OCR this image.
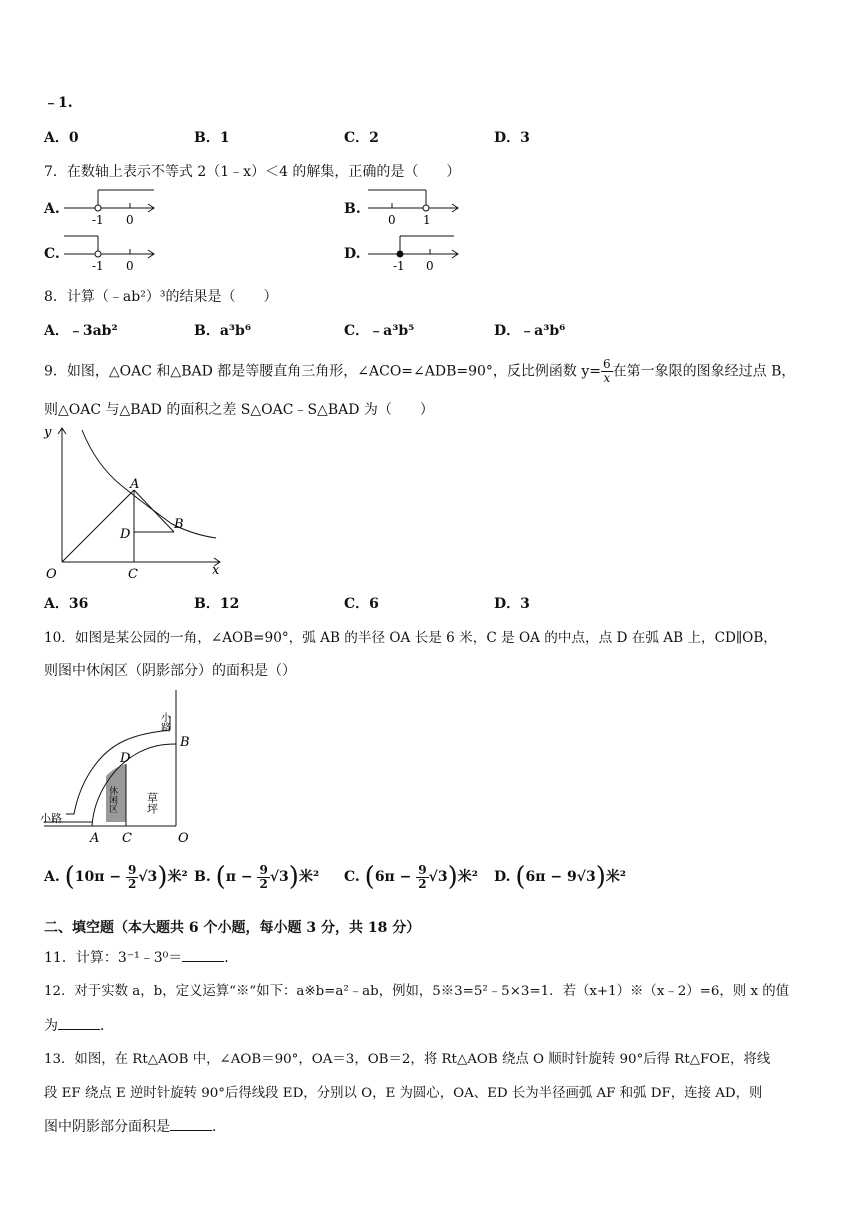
﹣1.
A．0	B．1	C．2	D．3
7．在数轴上表示不等式 2（1﹣x）＜4 的解集，正确的是（　　）
A.
-1 0
B.
0 1
C.
-1 0
D.
-1 0
8．计算（﹣ab²）³的结果是（　　）
A．﹣3ab²	B．a³b⁶	C．﹣a³b⁵	D．﹣a³b⁶
9．如图，△OAC 和△BAD 都是等腰直角三角形，∠ACO=∠ADB=90°，反比例函数 $y= \frac{6}{x}$ 在第一象限的图象经过点 B，
则△OAC 与△BAD 的面积之差 S△OAC﹣S△BAD 为（　　）
y
x
O
A
B
D
C
A．36	B．12	C．6	D．3
10．如图是某公园的一角，∠AOB=90°，弧 AB 的半径 OA 长是 6 米，C 是 OA 的中点，点 D 在弧 AB 上，CD∥OB，
则图中休闲区（阴影部分）的面积是（）
小路
小路
休闲区	草坪
A C	O
B
D
A. $(10\pi - \frac{9}{2} √3)$米² B. $(\pi - \frac{9}{2} √3)$米² C. $(6\pi - \frac{9}{2} √3)$米² D. (6π − 9√3)米²
二、填空题（本大题共 6 个小题，每小题 3 分，共 18 分）
11．计算：3⁻¹﹣3⁰＝	．
12．对于实数 a，b，定义运算“※”如下：a※b=a²﹣ab，例如，5※3=5²﹣5×3=1．若（x+1）※（x﹣2）=6，则 x 的值
为	．
13．如图，在 Rt△AOB 中，∠AOB＝90°，OA＝3，OB＝2，将 Rt△AOB 绕点 O 顺时针旋转 90°后得 Rt△FOE，将线
段 EF 绕点 E 逆时针旋转 90°后得线段 ED，分别以 O，E 为圆心，OA、ED 长为半径画弧 AF 和弧 DF，连接 AD，则
图中阴影部分面积是	．
